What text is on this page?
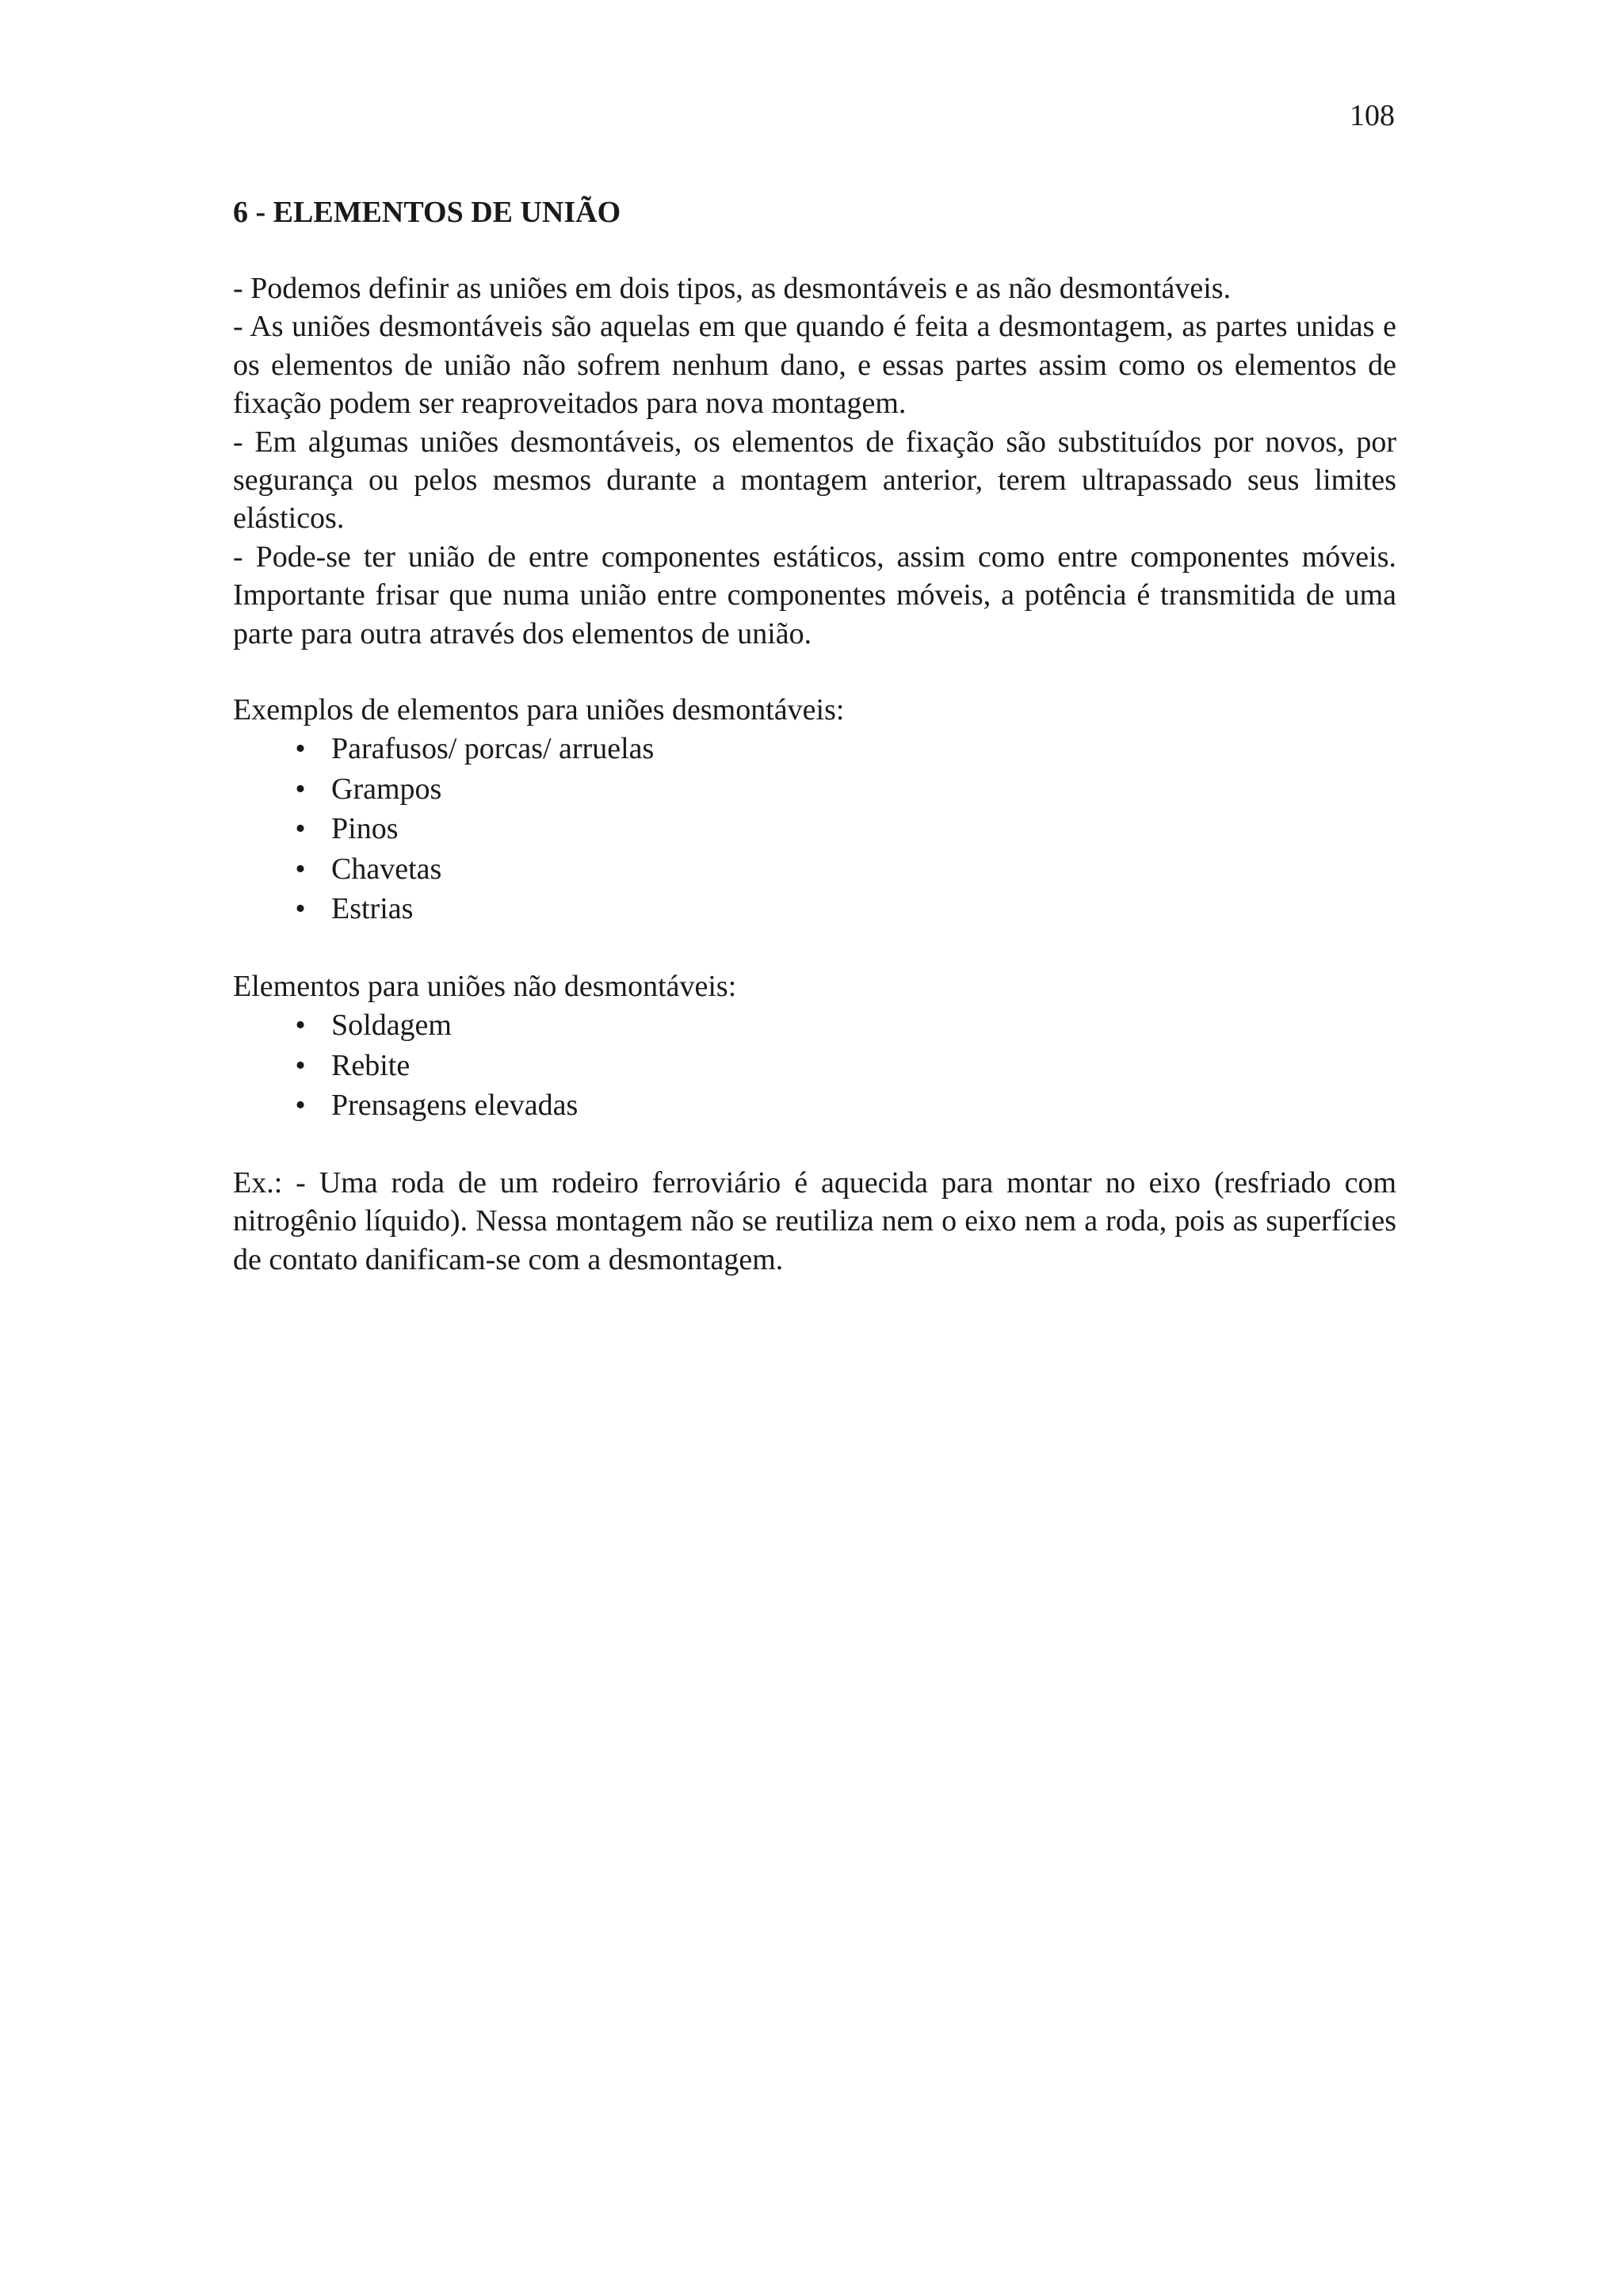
108
6 - ELEMENTOS DE UNIÃO

- Podemos definir as uniões em dois tipos, as desmontáveis e as não desmontáveis.

- As uniões desmontáveis são aquelas em que quando é feita a desmontagem, as partes unidas e os elementos de união não sofrem nenhum dano, e essas partes assim como os elementos de fixação podem ser reaproveitados para nova montagem.

- Em algumas uniões desmontáveis, os elementos de fixação são substituídos por novos, por segurança ou pelos mesmos durante a montagem anterior, terem ultrapassado seus limites elásticos.

- Pode-se ter união de entre componentes estáticos, assim como entre componentes móveis. Importante frisar que numa união entre componentes móveis, a potência é transmitida de uma parte para outra através dos elementos de união.

Exemplos de elementos para uniões desmontáveis:

• Parafusos/ porcas/ arruelas
• Grampos
• Pinos
• Chavetas
• Estrias

Elementos para uniões não desmontáveis:

• Soldagem
• Rebite
• Prensagens elevadas

Ex.: - Uma roda de um rodeiro ferroviário é aquecida para montar no eixo (resfriado com nitrogênio líquido). Nessa montagem não se reutiliza nem o eixo nem a roda, pois as superfícies de contato danificam-se com a desmontagem.
